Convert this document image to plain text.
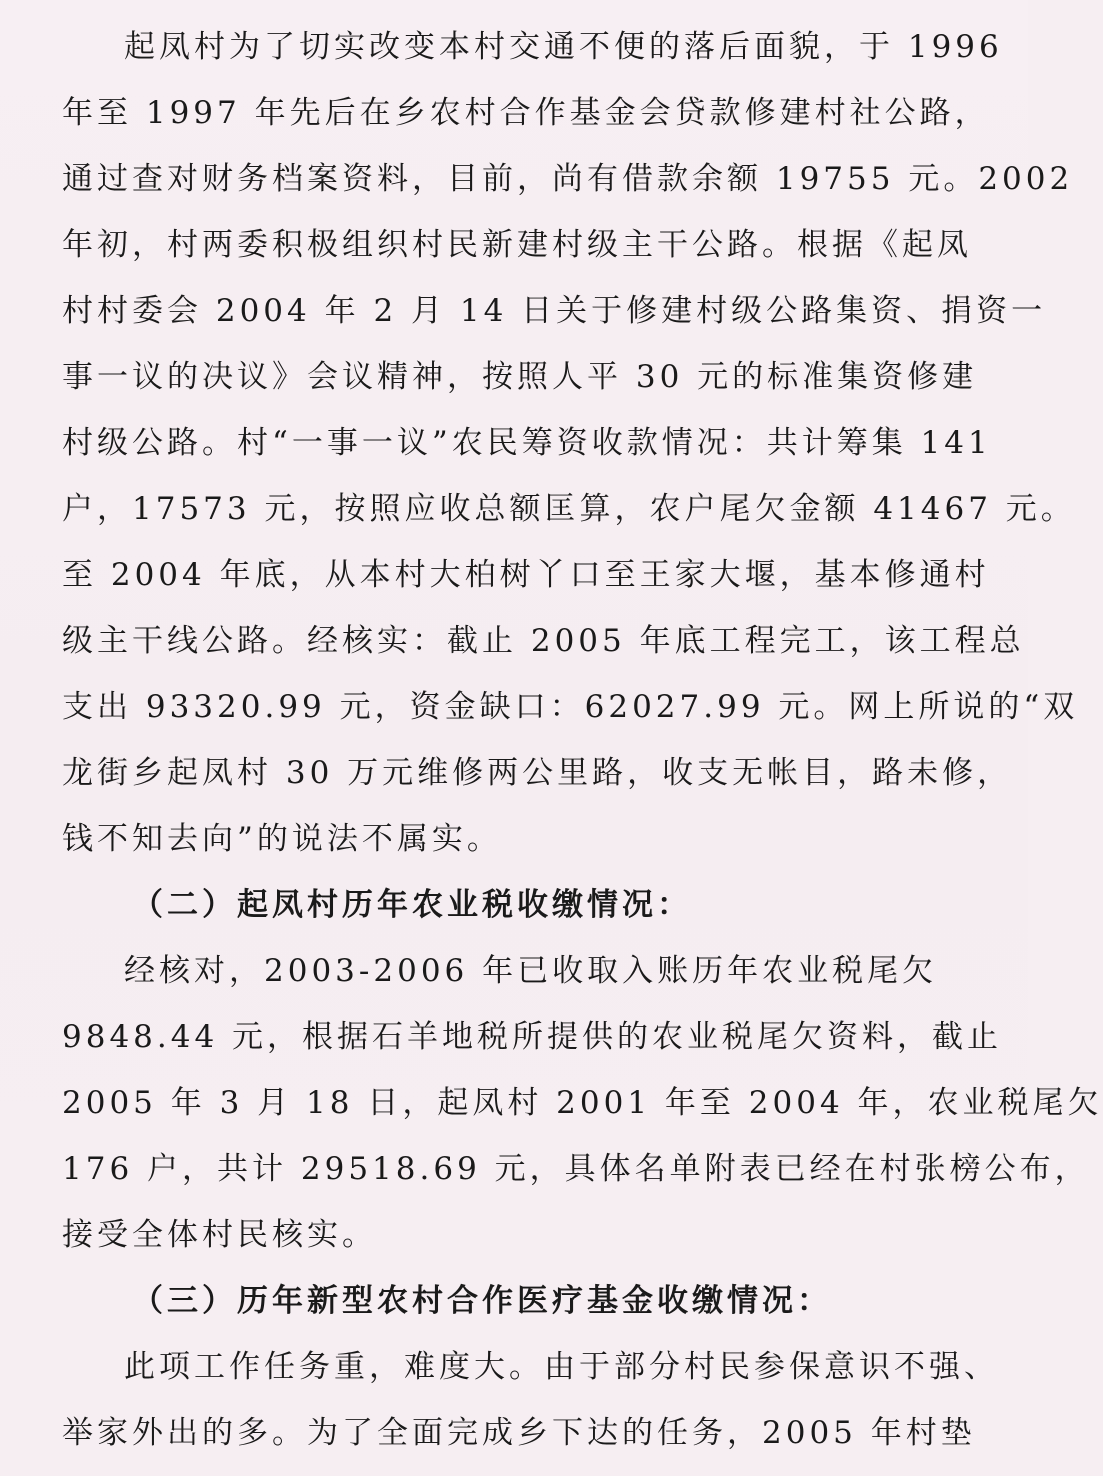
起凤村为了切实改变本村交通不便的落后面貌，于 1996
年至 1997 年先后在乡农村合作基金会贷款修建村社公路，
通过查对财务档案资料，目前，尚有借款余额 19755 元。2002
年初，村两委积极组织村民新建村级主干公路。根据《起凤
村村委会 2004 年 2 月 14 日关于修建村级公路集资、捐资一
事一议的决议》会议精神，按照人平 30 元的标准集资修建
村级公路。村“一事一议”农民筹资收款情况：共计筹集 141
户，17573 元，按照应收总额匡算，农户尾欠金额 41467 元。
至 2004 年底，从本村大柏树丫口至王家大堰，基本修通村
级主干线公路。经核实：截止 2005 年底工程完工，该工程总
支出 93320.99 元，资金缺口：62027.99 元。网上所说的“双
龙街乡起凤村 30 万元维修两公里路，收支无帐目，路未修，
钱不知去向”的说法不属实。
（二）起凤村历年农业税收缴情况：
经核对，2003-2006 年已收取入账历年农业税尾欠
9848.44 元，根据石羊地税所提供的农业税尾欠资料，截止
2005 年 3 月 18 日，起凤村 2001 年至 2004 年，农业税尾欠
176 户，共计 29518.69 元，具体名单附表已经在村张榜公布，
接受全体村民核实。
（三）历年新型农村合作医疗基金收缴情况：
此项工作任务重，难度大。由于部分村民参保意识不强、
举家外出的多。为了全面完成乡下达的任务，2005 年村垫
